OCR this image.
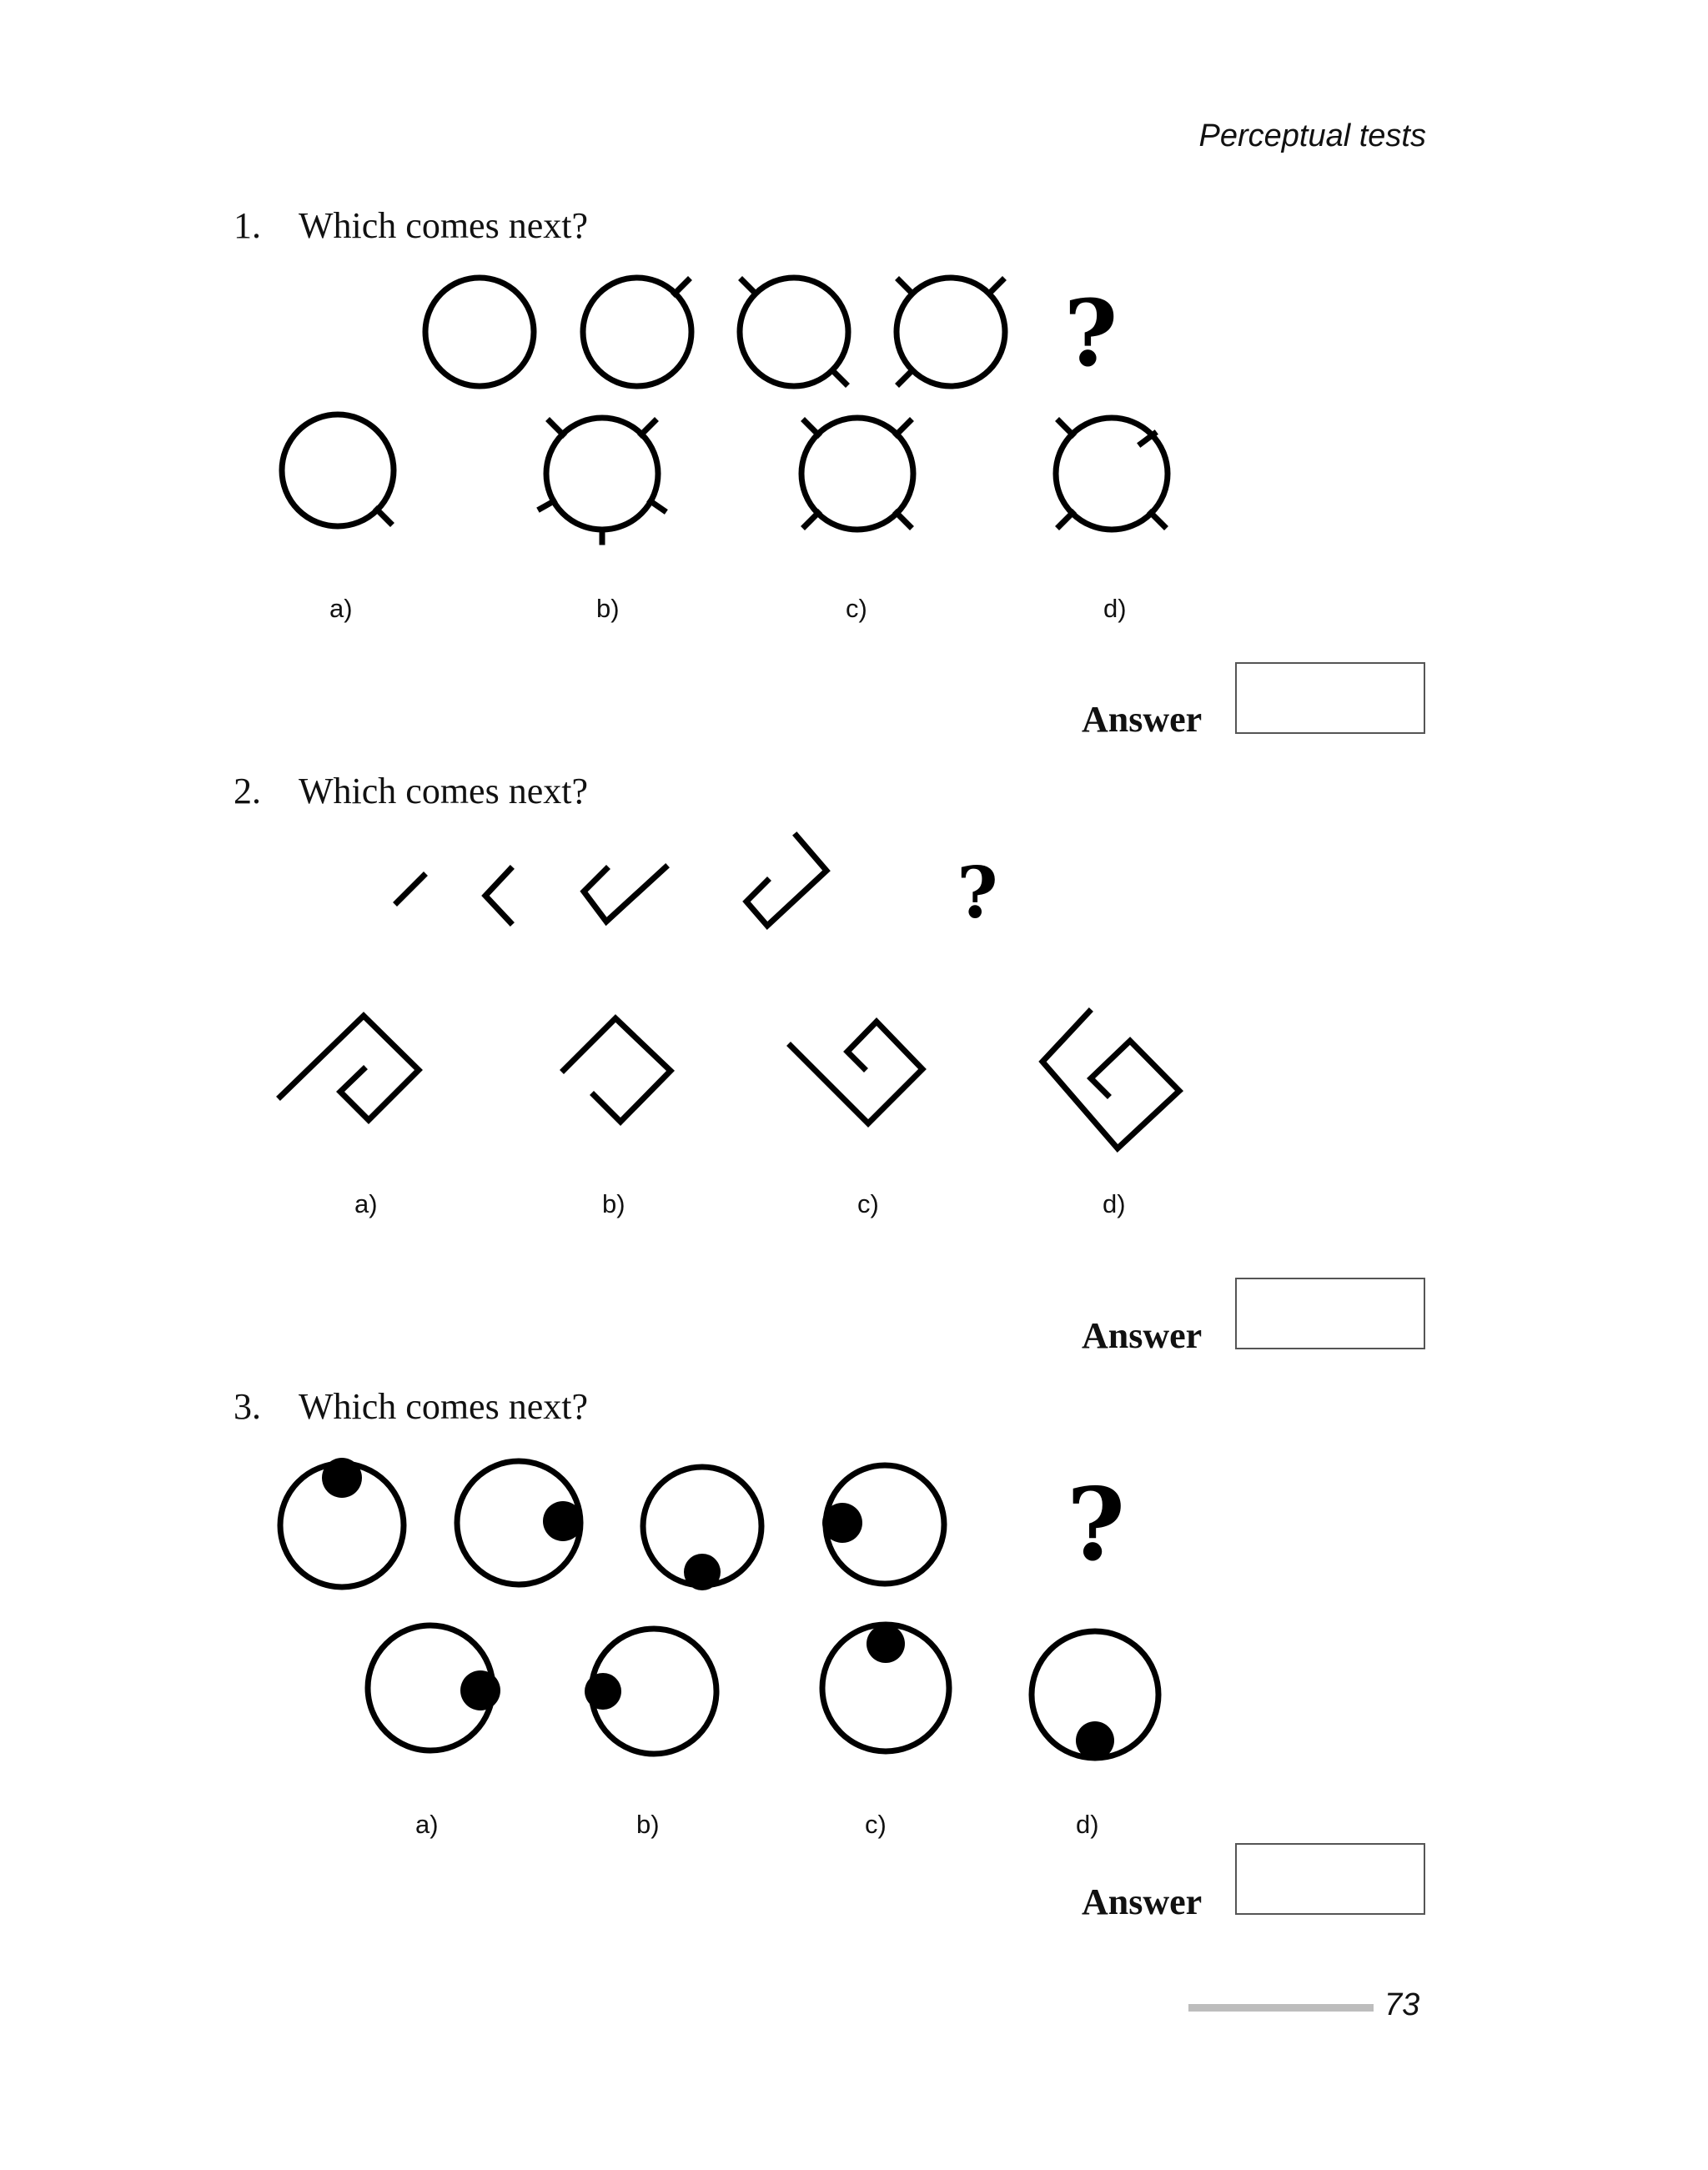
Perceptual tests
1. Which comes next?
?
?
?
a)	b)	c)	d)
Answer
2. Which comes next?
a)	b)	c)	d)
Answer
3. Which comes next?
a)	b)	c)	d)
Answer
73
